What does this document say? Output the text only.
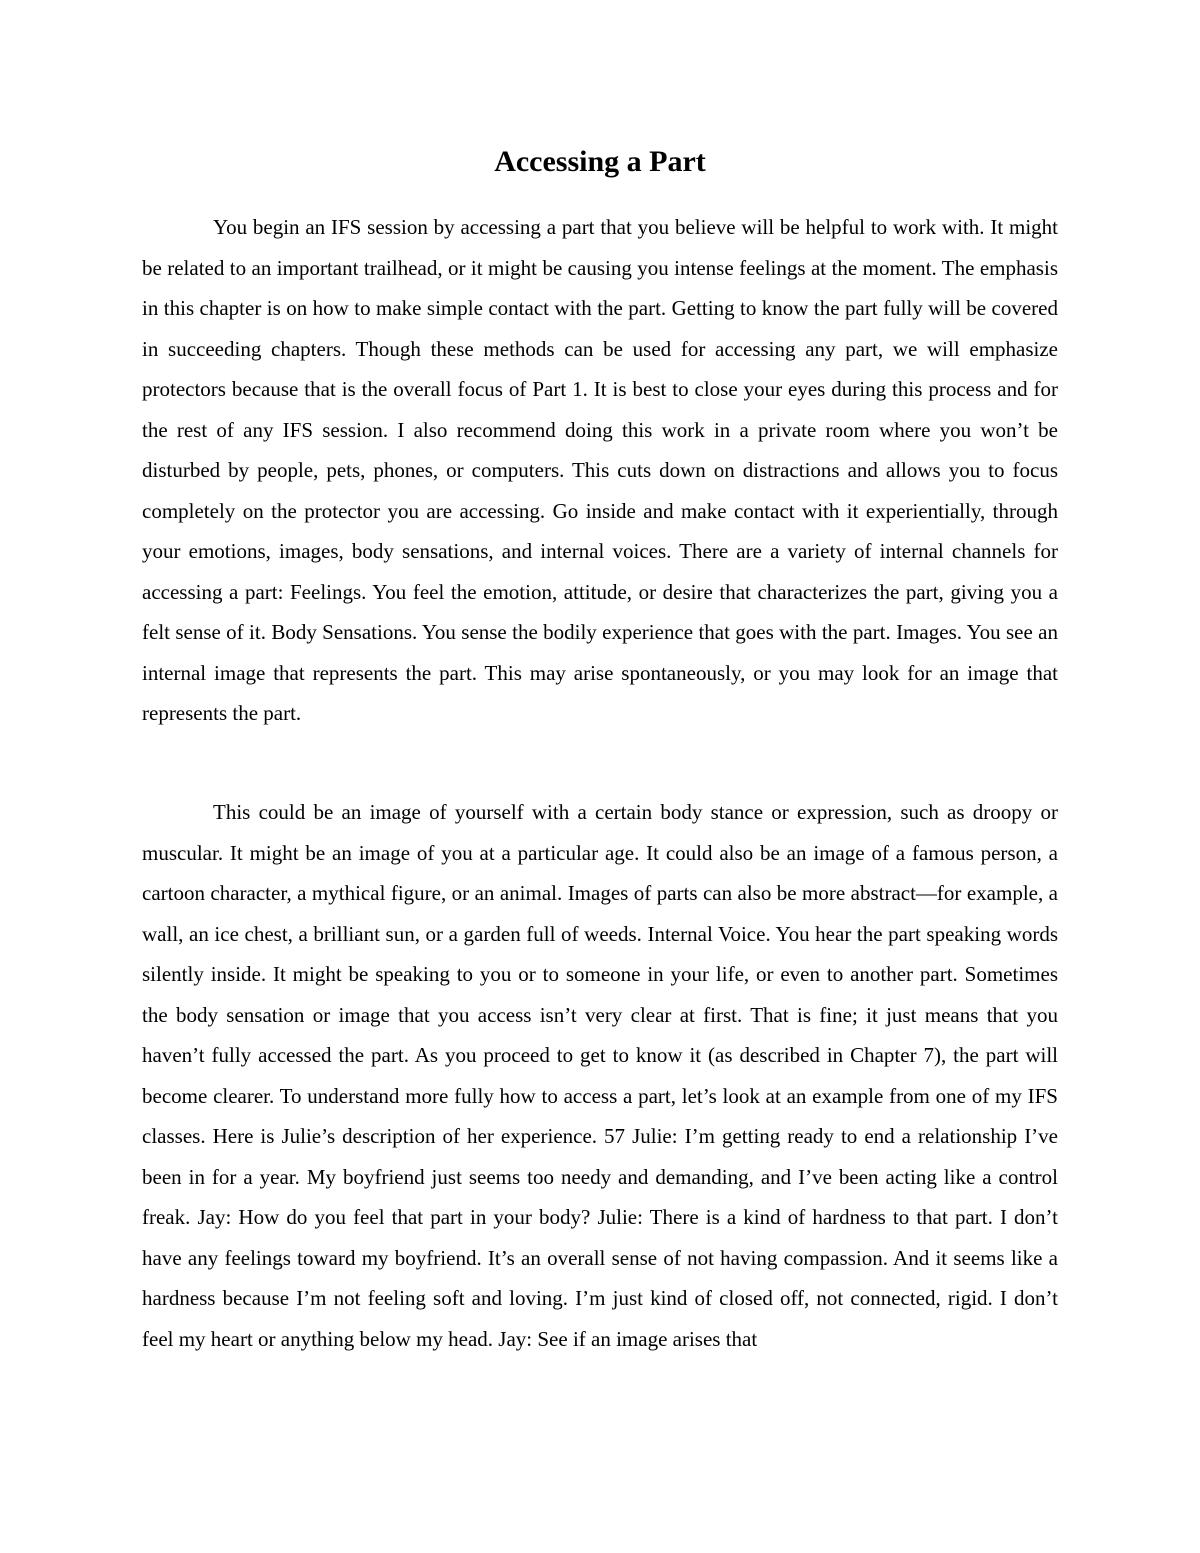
Accessing a Part

You begin an IFS session by accessing a part that you believe will be helpful to work with. It might be related to an important trailhead, or it might be causing you intense feelings at the moment. The emphasis in this chapter is on how to make simple contact with the part. Getting to know the part fully will be covered in succeeding chapters. Though these methods can be used for accessing any part, we will emphasize protectors because that is the overall focus of Part 1. It is best to close your eyes during this process and for the rest of any IFS session. I also recommend doing this work in a private room where you won’t be disturbed by people, pets, phones, or computers. This cuts down on distractions and allows you to focus completely on the protector you are accessing. Go inside and make contact with it experientially, through your emotions, images, body sensations, and internal voices. There are a variety of internal channels for accessing a part: Feelings. You feel the emotion, attitude, or desire that characterizes the part, giving you a felt sense of it. Body Sensations. You sense the bodily experience that goes with the part. Images. You see an internal image that represents the part. This may arise spontaneously, or you may look for an image that represents the part.

This could be an image of yourself with a certain body stance or expression, such as droopy or muscular. It might be an image of you at a particular age. It could also be an image of a famous person, a cartoon character, a mythical figure, or an animal. Images of parts can also be more abstract—for example, a wall, an ice chest, a brilliant sun, or a garden full of weeds. Internal Voice. You hear the part speaking words silently inside. It might be speaking to you or to someone in your life, or even to another part. Sometimes the body sensation or image that you access isn’t very clear at first. That is fine; it just means that you haven’t fully accessed the part. As you proceed to get to know it (as described in Chapter 7), the part will become clearer. To understand more fully how to access a part, let’s look at an example from one of my IFS classes. Here is Julie’s description of her experience. 57 Julie: I’m getting ready to end a relationship I’ve been in for a year. My boyfriend just seems too needy and demanding, and I’ve been acting like a control freak. Jay: How do you feel that part in your body? Julie: There is a kind of hardness to that part. I don’t have any feelings toward my boyfriend. It’s an overall sense of not having compassion. And it seems like a hardness because I’m not feeling soft and loving. I’m just kind of closed off, not connected, rigid. I don’t feel my heart or anything below my head. Jay: See if an image arises that
